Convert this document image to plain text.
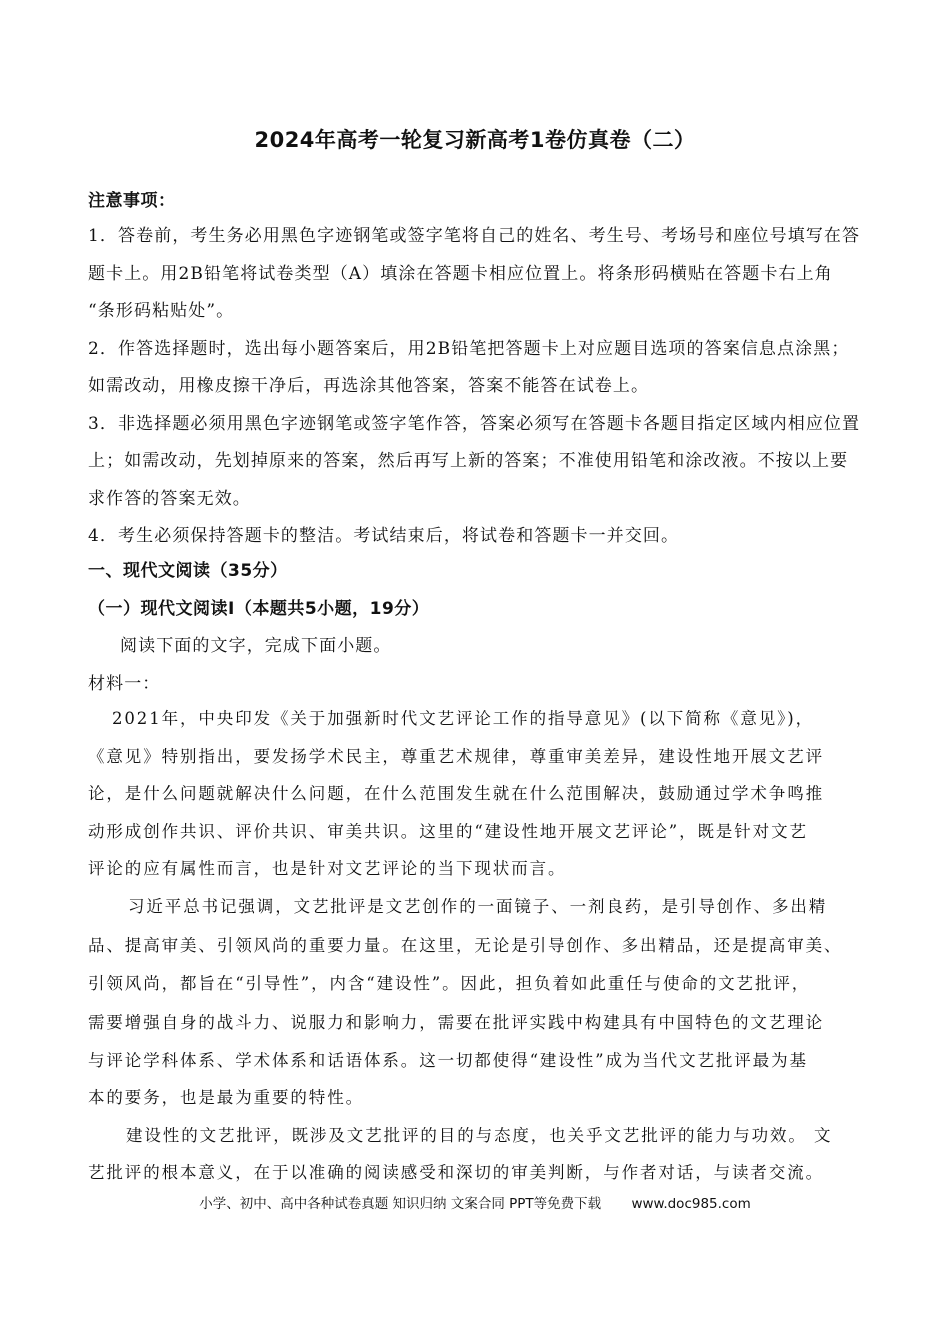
2024年高考一轮复习新高考1卷仿真卷（二）
注意事项：
1．答卷前，考生务必用黑色字迹钢笔或签字笔将自己的姓名、考生号、考场号和座位号填写在答
题卡上。用2B铅笔将试卷类型（A）填涂在答题卡相应位置上。将条形码横贴在答题卡右上角
“条形码粘贴处”。
2．作答选择题时，选出每小题答案后，用2B铅笔把答题卡上对应题目选项的答案信息点涂黑；
如需改动，用橡皮擦干净后，再选涂其他答案，答案不能答在试卷上。
3．非选择题必须用黑色字迹钢笔或签字笔作答，答案必须写在答题卡各题目指定区域内相应位置
上；如需改动，先划掉原来的答案，然后再写上新的答案；不准使用铅笔和涂改液。不按以上要
求作答的答案无效。
4．考生必须保持答题卡的整洁。考试结束后，将试卷和答题卡一并交回。
一、现代文阅读（35分）
（一）现代文阅读Ⅰ（本题共5小题，19分）
阅读下面的文字，完成下面小题。
材料一：
2021年，中央印发《关于加强新时代文艺评论工作的指导意见》(以下简称《意见》)，
《意见》特别指出，要发扬学术民主，尊重艺术规律，尊重审美差异，建设性地开展文艺评
论，是什么问题就解决什么问题，在什么范围发生就在什么范围解决，鼓励通过学术争鸣推
动形成创作共识、评价共识、审美共识。这里的“建设性地开展文艺评论”，既是针对文艺
评论的应有属性而言，也是针对文艺评论的当下现状而言。
习近平总书记强调，文艺批评是文艺创作的一面镜子、一剂良药，是引导创作、多出精
品、提高审美、引领风尚的重要力量。在这里，无论是引导创作、多出精品，还是提高审美、
引领风尚，都旨在“引导性”，内含“建设性”。因此，担负着如此重任与使命的文艺批评，
需要增强自身的战斗力、说服力和影响力，需要在批评实践中构建具有中国特色的文艺理论
与评论学科体系、学术体系和话语体系。这一切都使得“建设性”成为当代文艺批评最为基
本的要务，也是最为重要的特性。
建设性的文艺批评，既涉及文艺批评的目的与态度，也关乎文艺批评的能力与功效。 文
艺批评的根本意义，在于以准确的阅读感受和深切的审美判断，与作者对话，与读者交流。
小学、初中、高中各种试卷真题 知识归纳 文案合同 PPT等免费下载 www.doc985.com
